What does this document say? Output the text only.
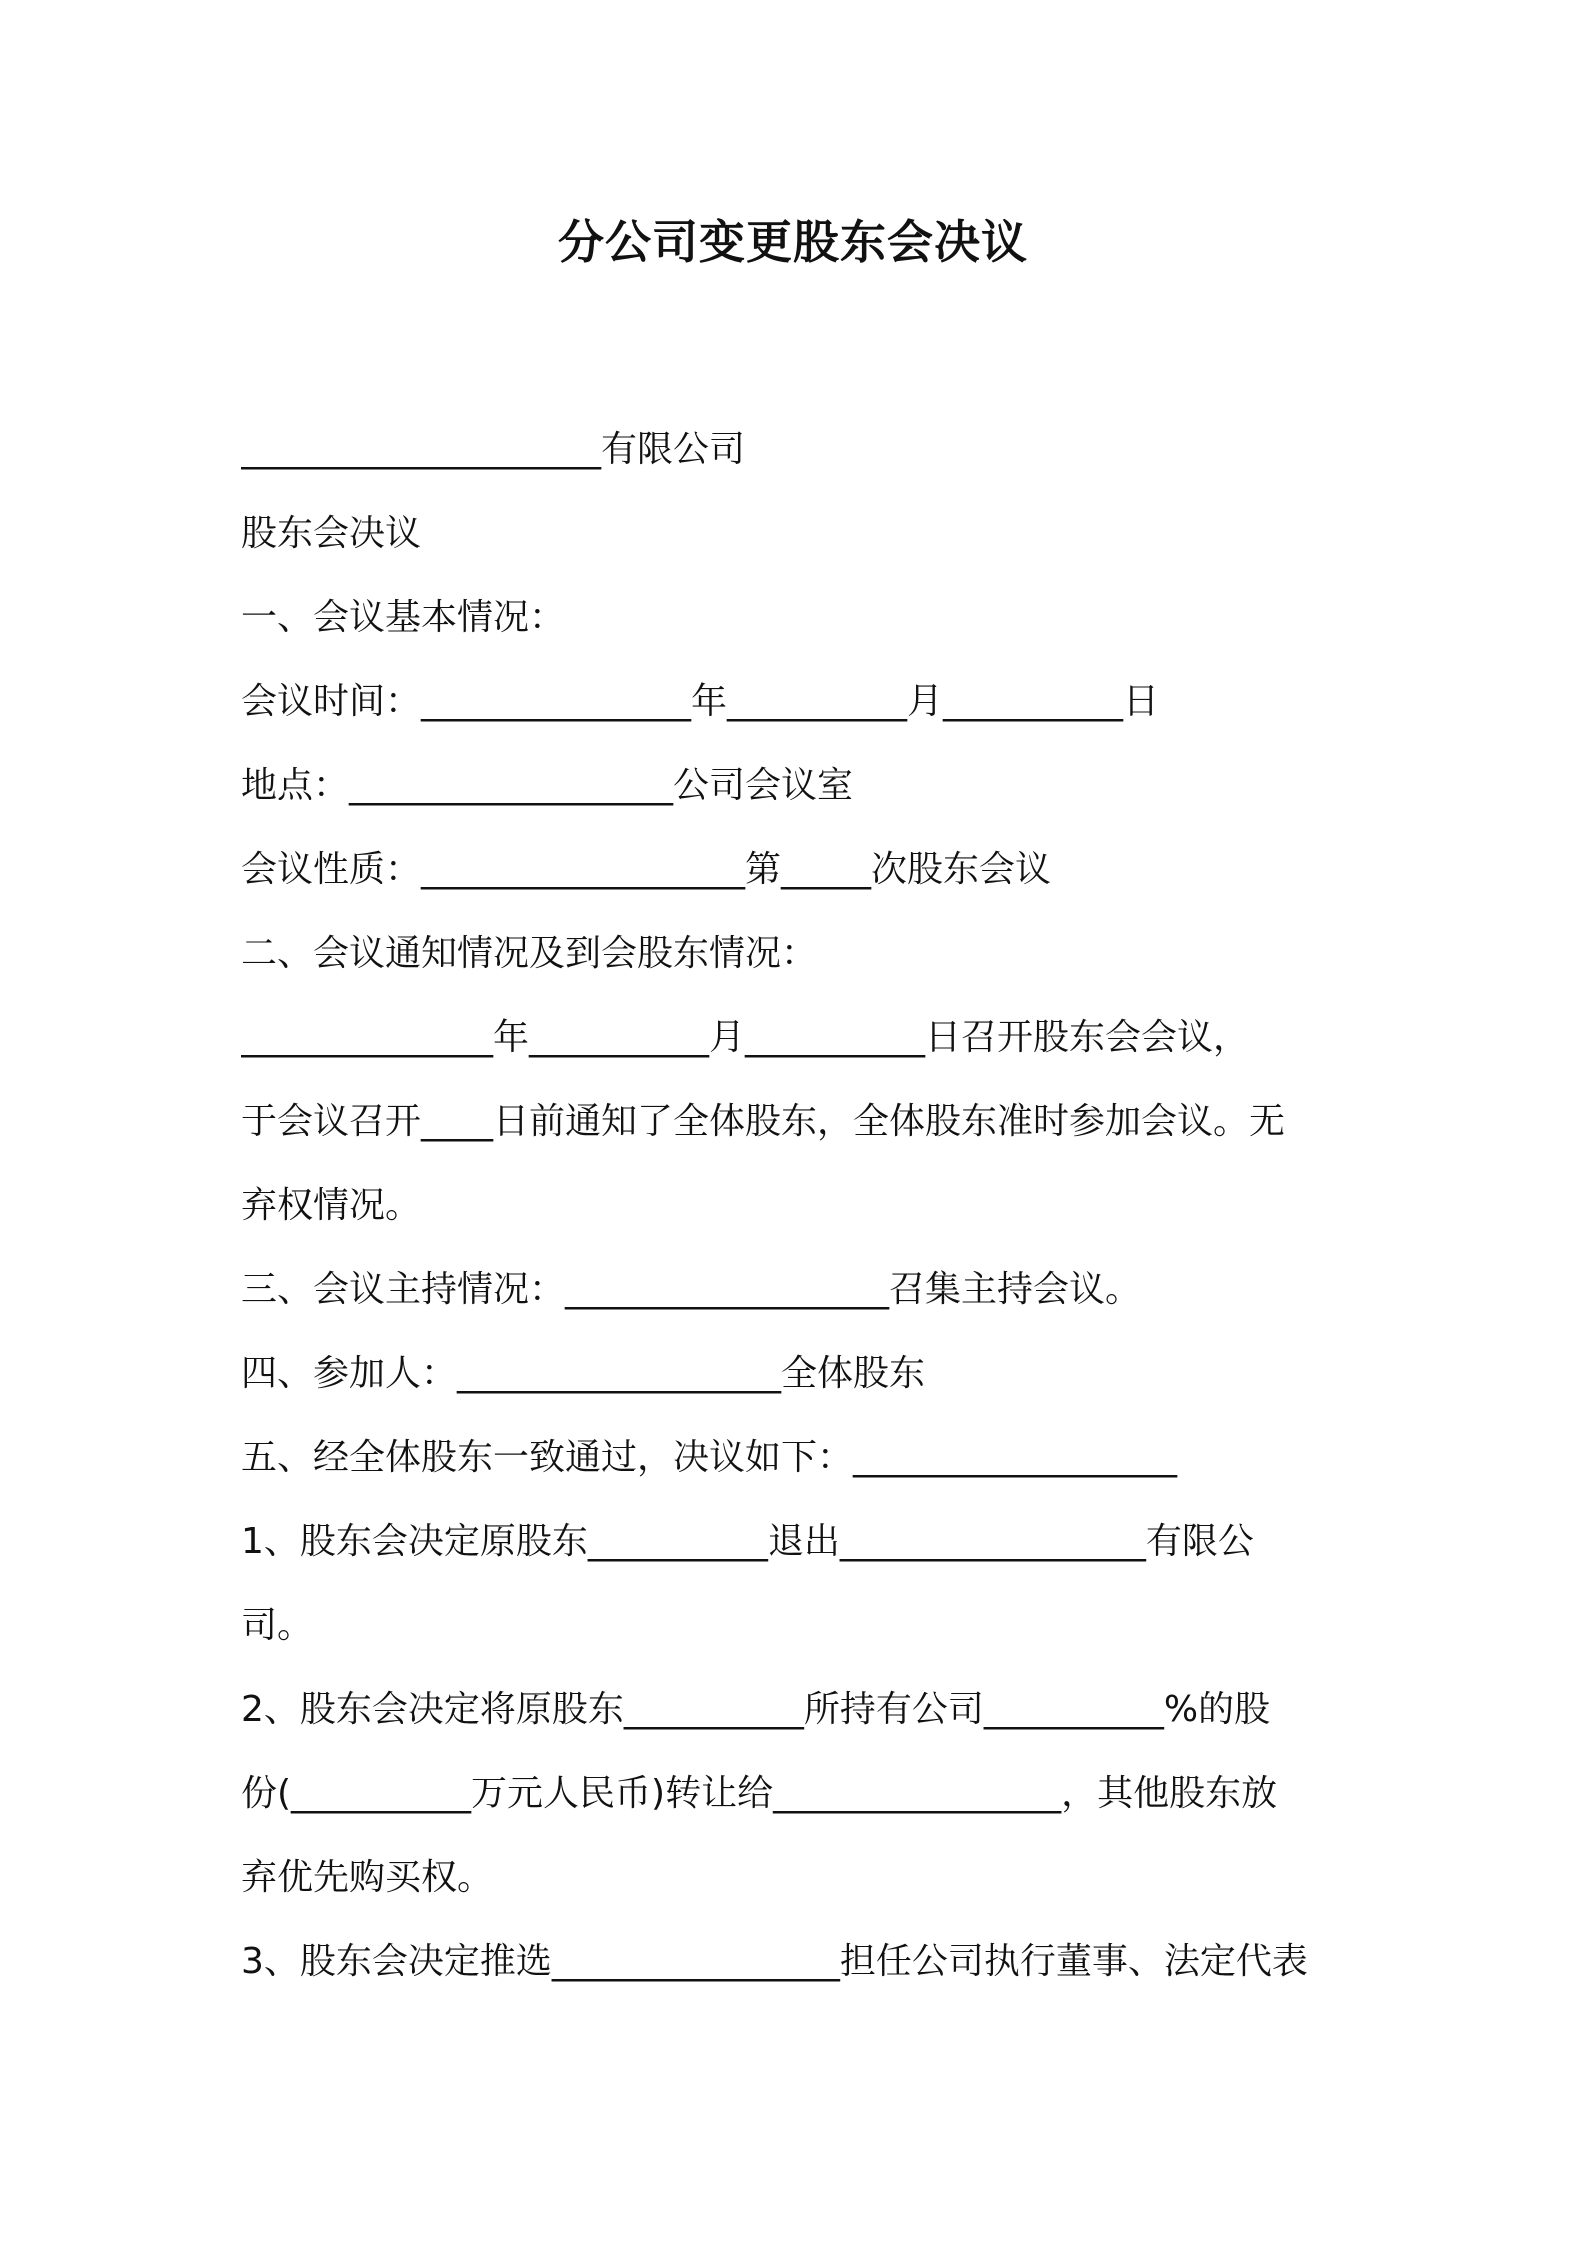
分公司变更股东会决议

____________________有限公司

股东会决议

一、会议基本情况：

会议时间：_______________年__________月__________日

地点：__________________公司会议室

会议性质：__________________第_____次股东会议

二、会议通知情况及到会股东情况：

______________年__________月__________日召开股东会会议，

于会议召开____日前通知了全体股东，全体股东准时参加会议。无

弃权情况。

三、会议主持情况：__________________召集主持会议。

四、参加人：__________________全体股东

五、经全体股东一致通过，决议如下：__________________

1、股东会决定原股东__________退出_________________有限公

司。

2、股东会决定将原股东__________所持有公司__________%的股

份(__________万元人民币)转让给________________，其他股东放

弃优先购买权。

3、股东会决定推选________________担任公司执行董事、法定代表
